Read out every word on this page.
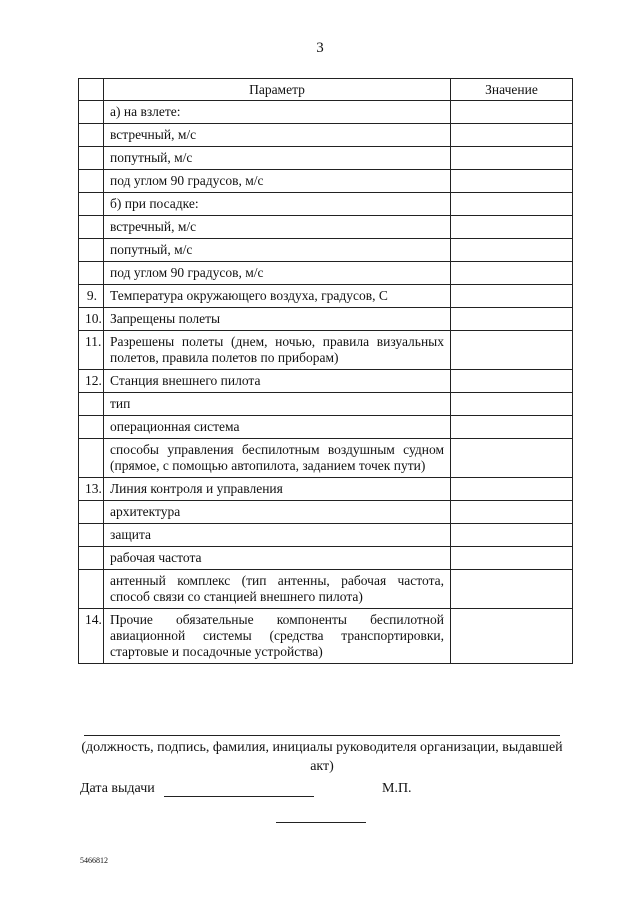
3
	Параметр	Значение
	а) на взлете:	
	встречный, м/с	
	попутный, м/с	
	под углом 90 градусов, м/с	
	б) при посадке:	
	встречный, м/с	
	попутный, м/с	
	под углом 90 градусов, м/с	
9.	Температура окружающего воздуха, градусов, С	
10.	Запрещены полеты	
11.	Разрешены полеты (днем, ночью, правила визуальных полетов, правила полетов по приборам)	
12.	Станция внешнего пилота	
	тип	
	операционная система	
	способы управления беспилотным воздушным судном (прямое, с помощью автопилота, заданием точек пути)	
13.	Линия контроля и управления	
	архитектура	
	защита	
	рабочая частота	
	антенный комплекс (тип антенны, рабочая частота, способ связи со станцией внешнего пилота)	
14.	Прочие обязательные компоненты беспилотной авиационной системы (средства транспортировки, стартовые и посадочные устройства)	
(должность, подпись, фамилия, инициалы руководителя организации, выдавшей акт)
Дата выдачи	М.П.
5466812
